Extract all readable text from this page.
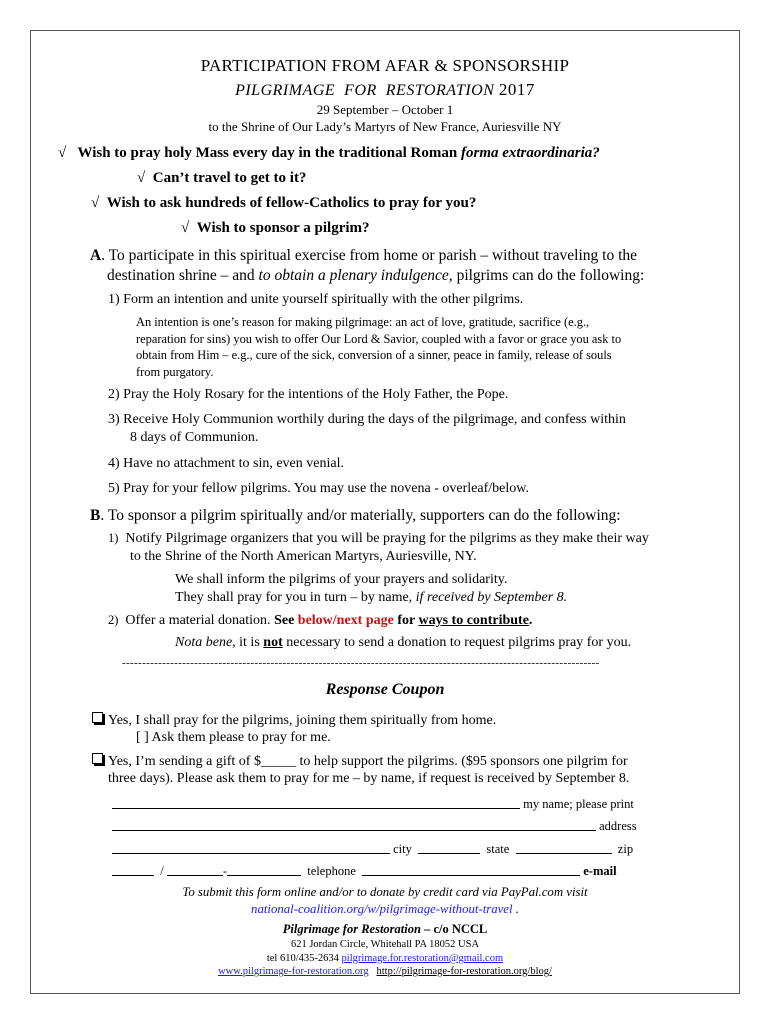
PARTICIPATION FROM AFAR & SPONSORSHIP
PILGRIMAGE FOR RESTORATION 2017
29 September – October 1
to the Shrine of Our Lady’s Martyrs of New France, Auriesville NY
√ Wish to pray holy Mass every day in the traditional Roman forma extraordinaria?
√ Can’t travel to get to it?
√ Wish to ask hundreds of fellow-Catholics to pray for you?
√ Wish to sponsor a pilgrim?
A. To participate in this spiritual exercise from home or parish – without traveling to the
destination shrine – and to obtain a plenary indulgence, pilgrims can do the following:
1) Form an intention and unite yourself spiritually with the other pilgrims.
An intention is one’s reason for making pilgrimage: an act of love, gratitude, sacrifice (e.g.,
reparation for sins) you wish to offer Our Lord & Savior, coupled with a favor or grace you ask to
obtain from Him – e.g., cure of the sick, conversion of a sinner, peace in family, release of souls
from purgatory.
2) Pray the Holy Rosary for the intentions of the Holy Father, the Pope.
3) Receive Holy Communion worthily during the days of the pilgrimage, and confess within
8 days of Communion.
4) Have no attachment to sin, even venial.
5) Pray for your fellow pilgrims. You may use the novena - overleaf/below.
B. To sponsor a pilgrim spiritually and/or materially, supporters can do the following:
1) Notify Pilgrimage organizers that you will be praying for the pilgrims as they make their way
to the Shrine of the North American Martyrs, Auriesville, NY.
We shall inform the pilgrims of your prayers and solidarity.
They shall pray for you in turn – by name, if received by September 8.
2) Offer a material donation. See below/next page for ways to contribute.
Nota bene, it is not necessary to send a donation to request pilgrims pray for you.
-----------------------------------------------------------------------------------------------------------------------
Response Coupon
Yes, I shall pray for the pilgrims, joining them spiritually from home.
[ ] Ask them please to pray for me.
Yes, I’m sending a gift of $_____ to help support the pilgrims. ($95 sponsors one pilgrim for
three days). Please ask them to pray for me – by name, if request is received by September 8.
my name; please print
address
city	state	zip
/	-	telephone	e-mail
To submit this form online and/or to donate by credit card via PayPal.com visit
national-coalition.org/w/pilgrimage-without-travel .
Pilgrimage for Restoration – c/o NCCL
621 Jordan Circle, Whitehall PA 18052 USA
tel 610/435-2634 pilgrimage.for.restoration@gmail.com
www.pilgrimage-for-restoration.org http://pilgrimage-for-restoration.org/blog/
